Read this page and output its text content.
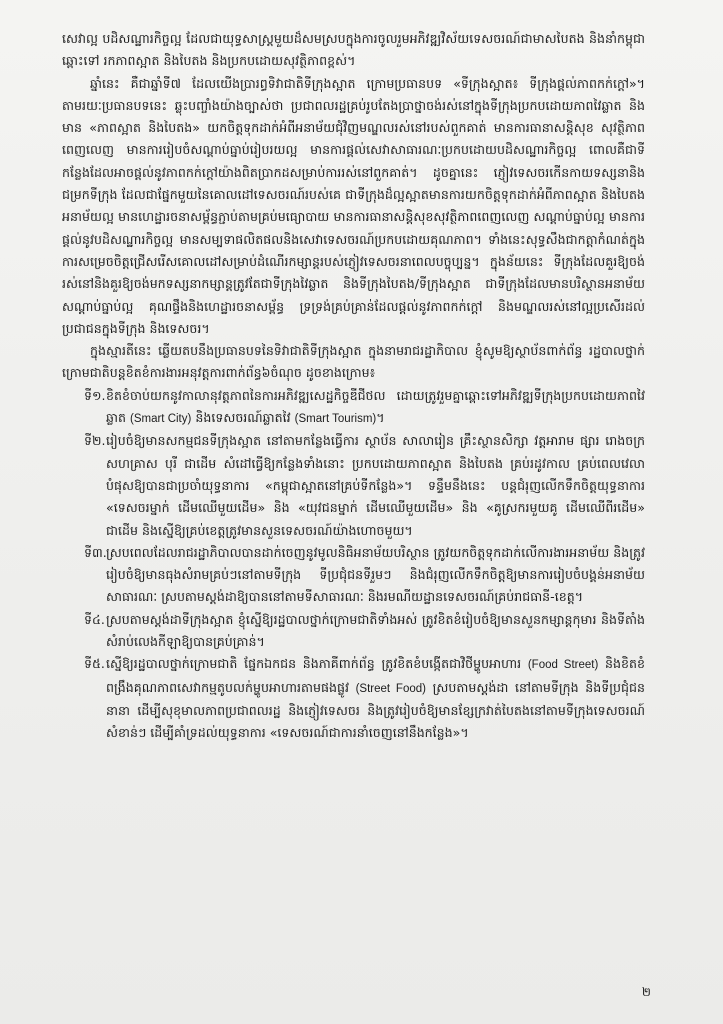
សេវាល្អ បដិសណ្ឋារកិច្ចល្អ ដែលជាយុទ្ធសាស្ត្រមួយដ៏សមស្របក្នុងការចូលរួមអភិវឌ្ឍវិស័យទេសចរណ៍ជាមាសបៃតង និងនាំកម្ពុជាឆ្ពោះទៅ រកភាពស្អាត និងបៃតង និងប្រកបដោយសុវត្ថិភាពខ្ពស់។

ឆ្នាំនេះ គឺជាឆ្នាំទី៧ ដែលយើងប្រារព្ធទិវាជាតិទីក្រុងស្អាត ក្រោមប្រធានបទ «ទីក្រុងស្អាត៖ ទីក្រុងផ្ដល់ភាពកក់ក្ដៅ»។ តាមរយៈប្រធានបទនេះ ឆ្លុះបញ្ចាំងយ៉ាងច្បាស់ថា ប្រជាពលរដ្ឋគ្រប់រូបតែងប្រាថ្នាចង់រស់នៅក្នុងទីក្រុងប្រកបដោយភាពវៃឆ្លាត និងមាន «ភាពស្អាត និងបៃតង» យកចិត្តទុកដាក់អំពីអនាម័យជុំវិញមណ្ឌលរស់នៅរបស់ពួកគាត់ មានការធានាសន្តិសុខ សុវត្ថិភាពពេញលេញ មានការរៀបចំសណ្ដាប់ធ្នាប់រៀបរយល្អ មានការផ្ដល់សេវាសាធារណៈប្រកបដោយបដិសណ្ឋារកិច្ចល្អ ពោលគឺជាទីកន្លែងដែលអាចផ្ដល់នូវភាពកក់ក្ដៅយ៉ាងពិតប្រាកដសម្រាប់ការរស់នៅពួកគាត់។ ដូចគ្នានេះ ភ្ញៀវទេសចរកើនកាយទស្សនានិងជម្រកទីក្រុង ដែលជាផ្នែកមួយនៃគោលដៅទេសចរណ៍របស់គេ ជាទីក្រុងដ៏ល្អស្អាតមានការយកចិត្តទុកដាក់អំពីភាពស្អាត និងបៃតង អនាម័យល្អ មានហេដ្ឋារចនាសម្ព័ន្ធភ្ជាប់តាមគ្រប់មធ្យោបាយ មានការធានាសន្តិសុខសុវត្ថិភាពពេញលេញ សណ្ដាប់ធ្នាប់ល្អ មានការផ្ដល់នូវបដិសណ្ឋារកិច្ចល្អ មានសម្បទាផលិតផលនិងសេវាទេសចរណ៍ប្រកបដោយគុណភាព។ ទាំងនេះសុទ្ធសឹងជាកត្តាកំណត់ក្នុងការសម្រេចចិត្តជ្រើសរើសគោលដៅសម្រាប់ដំណើរកម្សាន្តរបស់ភ្ញៀវទេសចរនាពេលបច្ចុប្បន្ន។ ក្នុងន័យនេះ ទីក្រុងដែលគួរឱ្យចង់រស់នៅនិងគួរឱ្យចង់មកទស្សនាកម្សាន្តត្រូវតែជាទីក្រុងវៃឆ្លាត និងទីក្រុងបៃតង/ទីក្រុងស្អាត ជាទីក្រុងដែលមានបរិស្ថានអនាម័យ សណ្ដាប់ធ្នាប់ល្អ គុណផ្ទឹងនិងហេដ្ឋារចនាសម្ព័ន្ធ ទ្រទ្រង់គ្រប់គ្រាន់ដែលផ្ដល់នូវភាពកក់ក្ដៅ និងមណ្ឌលរស់នៅល្អប្រសើរដល់ប្រជាជនក្នុងទីក្រុង និងទេសចរ។

ក្នុងស្មារតីនេះ ឆ្លើយតបនឹងប្រធានបទនៃទិវាជាតិទីក្រុងស្អាត ក្នុងនាមរាជរដ្ឋាភិបាល ខ្ញុំសូមឱ្យស្ថាប័នពាក់ព័ន្ធ រដ្ឋបាលថ្នាក់ក្រោមជាតិបន្តខិតខំការងារអនុវត្តការពាក់ព័ន្ធ៦ចំណុច ដូចខាងក្រោម៖

ទី១. ខិតខំចាប់យកនូវកាលានុវត្តភាពនៃការអភិវឌ្ឍសេដ្ឋកិច្ចឌីជីថល ដោយត្រូវរួមគ្នាឆ្ពោះទៅអភិវឌ្ឍទីក្រុងប្រកបដោយភាពវៃឆ្លាត (Smart City) និងទេសចរណ៍ឆ្លាតវៃ (Smart Tourism)។
ទី២. រៀបចំឱ្យមានសកម្មជនទីក្រុងស្អាត នៅតាមកន្លែងធ្វើការ ស្ថាប័ន សាលារៀន គ្រឹះស្ថានសិក្សា វត្តអារាម ផ្សារ រោងចក្រ សហគ្រាស បុរី ជាដើម សំដៅធ្វើឱ្យកន្លែងទាំងនោះ ប្រកបដោយភាពស្អាត និងបៃតង គ្រប់រដូវកាល គ្រប់ពេលវេលា បំផុសឱ្យបានជាប្រចាំយុទ្ធនាការ «កម្ពុជាស្អាតនៅគ្រប់ទីកន្លែង»។ ទន្ទឹមនឹងនេះ បន្តជំរុញលើកទឹកចិត្តយុទ្ធនាការ «ទេសចរម្នាក់ ដើមឈើមួយដើម» និង «យុវជនម្នាក់ ដើមឈើមួយដើម» និង «គូស្រករមួយគូ ដើមឈើពីរដើម» ជាដើម និងស្នើឱ្យគ្រប់ខេត្តត្រូវមានសួនទេសចរណ៍យ៉ាងហោចមួយ។
ទី៣. ស្របពេលដែលរាជរដ្ឋាភិបាលបានដាក់ចេញនូវមូលនិធិអនាម័យបរិស្ថាន ត្រូវយកចិត្តទុកដាក់លើការងារអនាម័យ និងត្រូវរៀបចំឱ្យមានធុងសំរាមគ្រប់ៗនៅតាមទីក្រុង ទីប្រជុំជនទីរួមៗ និងជំរុញលើកទឹកចិត្តឱ្យមានការរៀបចំបង្គន់អនាម័យសាធារណៈ ស្របតាមស្តង់ដាឱ្យបាននៅតាមទីសាធារណៈ និងរមណីយដ្ឋានទេសចរណ៍គ្រប់រាជធានី-ខេត្ត។
ទី៤. ស្របតាមស្តង់ដាទីក្រុងស្អាត ខ្ញុំស្នើឱ្យរដ្ឋបាលថ្នាក់ក្រោមជាតិទាំងអស់ ត្រូវខិតខំរៀបចំឱ្យមានសួនកម្សាន្តកុមារ និងទីតាំងសំរាប់លេងកីឡាឱ្យបានគ្រប់គ្រាន់។
ទី៥. ស្នើឱ្យរដ្ឋបាលថ្នាក់ក្រោមជាតិ ផ្នែកឯកជន និងភាគីពាក់ព័ន្ធ ត្រូវខិតខំបង្កើតជាវិថីម្ហូបអាហារ (Food Street) និងខិតខំពង្រឹងគុណភាពសេវាកម្មតូបលក់ម្ហូបអាហារតាមផងផ្លូវ (Street Food) ស្របតាមស្តង់ដា នៅតាមទីក្រុង និងទីប្រជុំជននានា ដើម្បីសុខុមាលភាពប្រជាពលរដ្ឋ និងភ្ញៀវទេសចរ និងត្រូវរៀបចំឱ្យមានខ្សែក្រវាត់បៃតងនៅតាមទីក្រុងទេសចរណ៍សំខាន់ៗ ដើម្បីគាំទ្រដល់យុទ្ធនាការ «ទេសចរណ៍ជាការនាំចេញនៅនឹងកន្លែង»។
២
